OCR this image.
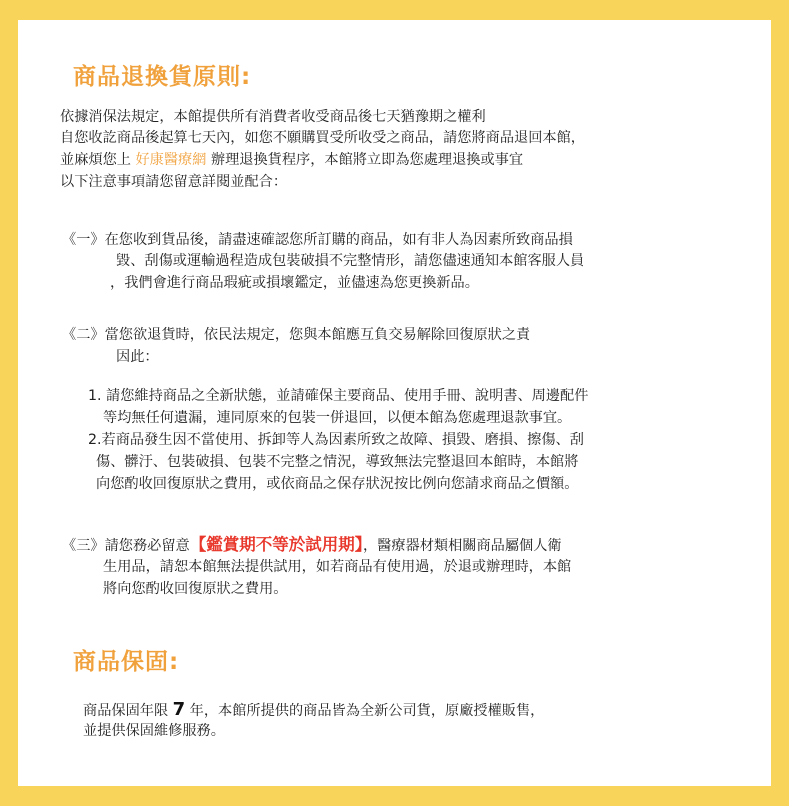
商品退換貨原則:

依據消保法規定，本館提供所有消費者收受商品後七天猶豫期之權利

自您收訖商品後起算七天內，如您不願購買受所收受之商品，請您將商品退回本館，

並麻煩您上 好康醫療網 辦理退換貨程序，本館將立即為您處理退換或事宜

以下注意事項請您留意詳閱並配合：

《一》在您收到貨品後，請盡速確認您所訂購的商品，如有非人為因素所致商品損

毀、刮傷或運輸過程造成包裝破損不完整情形，請您儘速通知本館客服人員

，我們會進行商品瑕疵或損壞鑑定，並儘速為您更換新品。

《二》當您欲退貨時，依民法規定，您與本館應互負交易解除回復原狀之責

因此：

1. 請您維持商品之全新狀態，並請確保主要商品、使用手冊、說明書、周邊配件

等均無任何遺漏，連同原來的包裝一併退回，以便本館為您處理退款事宜。

2.若商品發生因不當使用、拆卸等人為因素所致之故障、損毀、磨損、擦傷、刮

傷、髒汙、包裝破損、包裝不完整之情況，導致無法完整退回本館時，本館將

向您酌收回復原狀之費用，或依商品之保存狀況按比例向您請求商品之價額。

《三》請您務必留意【鑑賞期不等於試用期】，醫療器材類相關商品屬個人衛

生用品，請恕本館無法提供試用，如若商品有使用過，於退或辦理時，本館

將向您酌收回復原狀之費用。

商品保固:

商品保固年限 7 年，本館所提供的商品皆為全新公司貨，原廠授權販售，

並提供保固維修服務。
